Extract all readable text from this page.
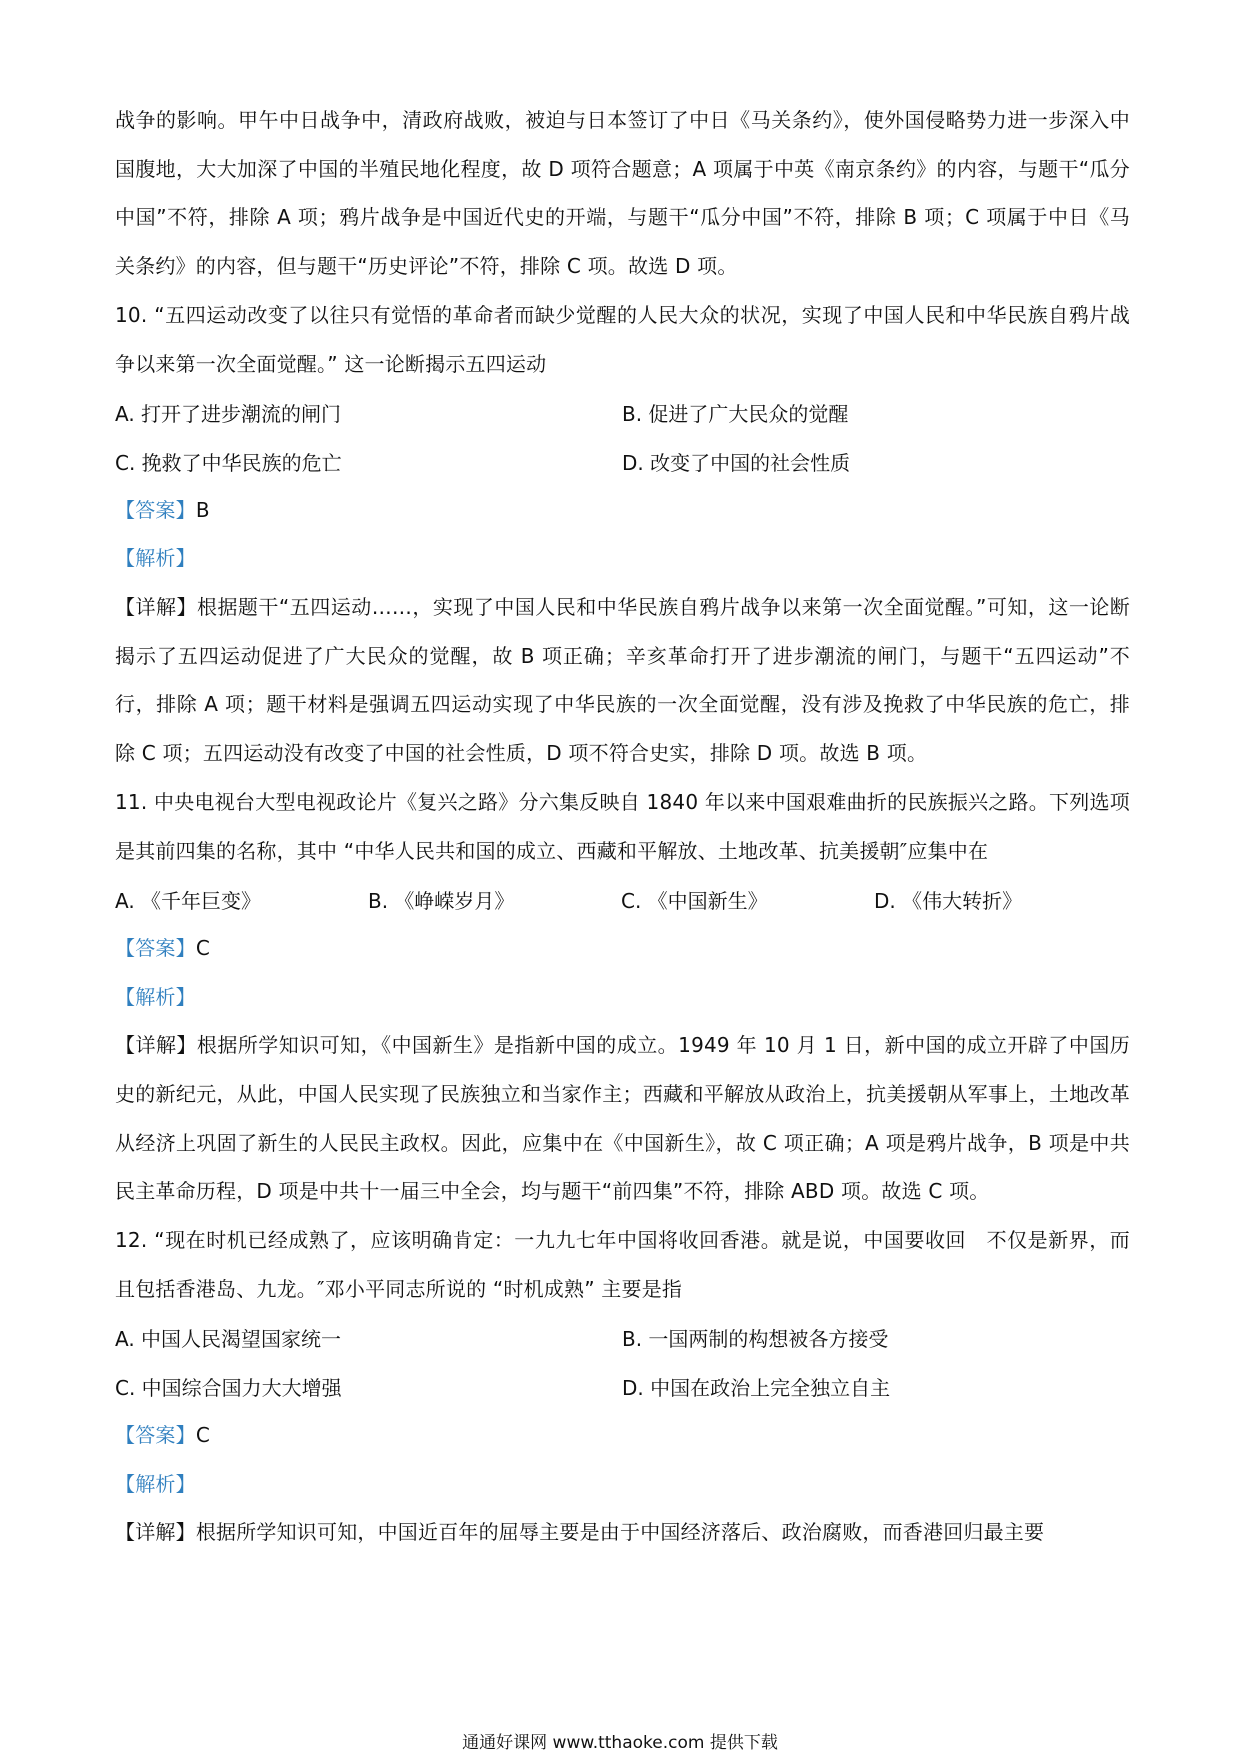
战争的影响。甲午中日战争中，清政府战败，被迫与日本签订了中日《马关条约》，使外国侵略势力进一步深入中国腹地，大大加深了中国的半殖民地化程度，故 D 项符合题意；A 项属于中英《南京条约》的内容，与题干“瓜分中国”不符，排除 A 项；鸦片战争是中国近代史的开端，与题干“瓜分中国”不符，排除 B 项；C 项属于中日《马关条约》的内容，但与题干“历史评论”不符，排除 C 项。故选 D 项。

10. “五四运动改变了以往只有觉悟的革命者而缺少觉醒的人民大众的状况，实现了中国人民和中华民族自鸦片战争以来第一次全面觉醒。” 这一论断揭示五四运动

A. 打开了进步潮流的闸门	B. 促进了广大民众的觉醒
C. 挽救了中华民族的危亡	D. 改变了中国的社会性质

【答案】B

【解析】

【详解】根据题干“五四运动……，实现了中国人民和中华民族自鸦片战争以来第一次全面觉醒。”可知，这一论断揭示了五四运动促进了广大民众的觉醒，故 B 项正确；辛亥革命打开了进步潮流的闸门，与题干“五四运动”不行，排除 A 项；题干材料是强调五四运动实现了中华民族的一次全面觉醒，没有涉及挽救了中华民族的危亡，排除 C 项；五四运动没有改变了中国的社会性质，D 项不符合史实，排除 D 项。故选 B 项。

11. 中央电视台大型电视政论片《复兴之路》分六集反映自 1840 年以来中国艰难曲折的民族振兴之路。下列选项是其前四集的名称，其中 “中华人民共和国的成立、西藏和平解放、土地改革、抗美援朝″应集中在

A. 《千年巨变》	B. 《峥嵘岁月》	C. 《中国新生》	D. 《伟大转折》

【答案】C

【解析】

【详解】根据所学知识可知，《中国新生》是指新中国的成立。1949 年 10 月 1 日，新中国的成立开辟了中国历史的新纪元，从此，中国人民实现了民族独立和当家作主；西藏和平解放从政治上，抗美援朝从军事上，土地改革从经济上巩固了新生的人民民主政权。因此，应集中在《中国新生》，故 C 项正确；A 项是鸦片战争，B 项是中共民主革命历程，D 项是中共十一届三中全会，均与题干“前四集”不符，排除 ABD 项。故选 C 项。

12. “现在时机已经成熟了，应该明确肯定：一九九七年中国将收回香港。就是说，中国要收回　不仅是新界，而且包括香港岛、九龙。″邓小平同志所说的 “时机成熟” 主要是指

A. 中国人民渴望国家统一	B. 一国两制的构想被各方接受
C. 中国综合国力大大增强	D. 中国在政治上完全独立自主

【答案】C

【解析】

【详解】根据所学知识可知，中国近百年的屈辱主要是由于中国经济落后、政治腐败，而香港回归最主要

通通好课网 www.tthaoke.com 提供下载
